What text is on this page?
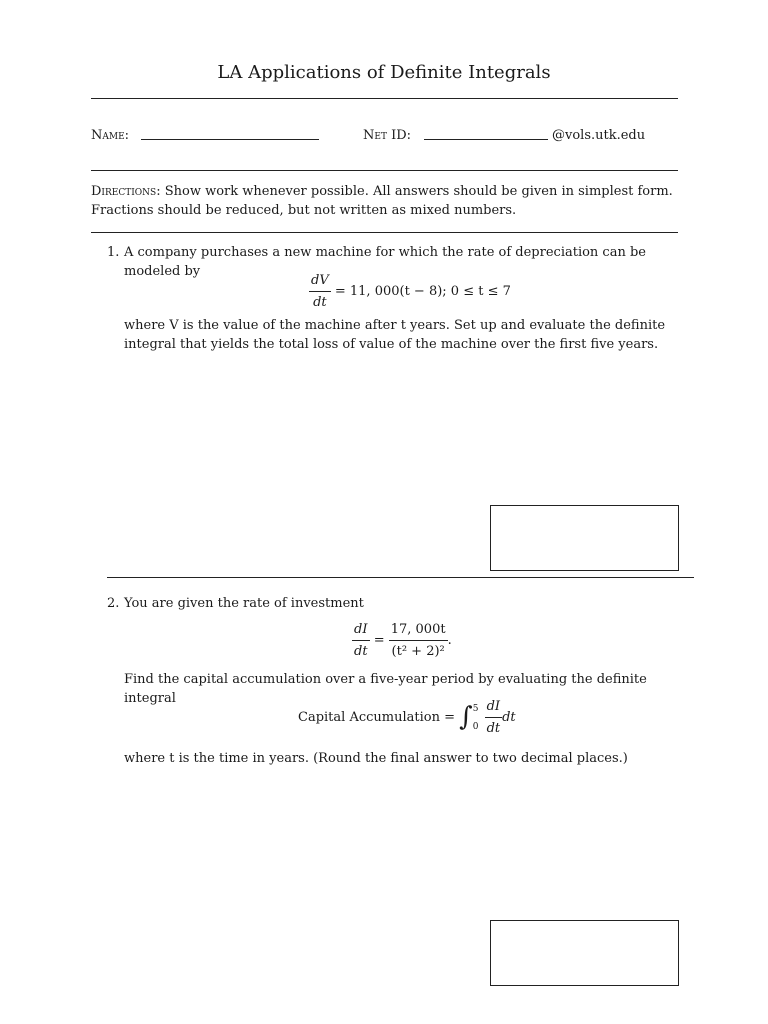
LA Applications of Definite Integrals
Name:	Net ID:	@vols.utk.edu
Directions: Show work whenever possible. All answers should be given in simplest form. Fractions should be reduced, but not written as mixed numbers.
1. A company purchases a new machine for which the rate of depreciation can be modeled by	$\frac{dV}{dt} = 11$, 000(t − 8); 0 ≤ t ≤ 7
where V is the value of the machine after t years. Set up and evaluate the definite integral that yields the total loss of value of the machine over the first five years.
2. You are given the rate of investment
$\frac{dI}{dt} = \frac{17, 000t}{\text{(t² + 2)²}}$ .
Find the capital accumulation over a five-year period by evaluating the definite integral
Capital Accumulation = ∫ 5
0
$\frac{dI}{dt}$ dt
where t is the time in years. (Round the final answer to two decimal places.)
